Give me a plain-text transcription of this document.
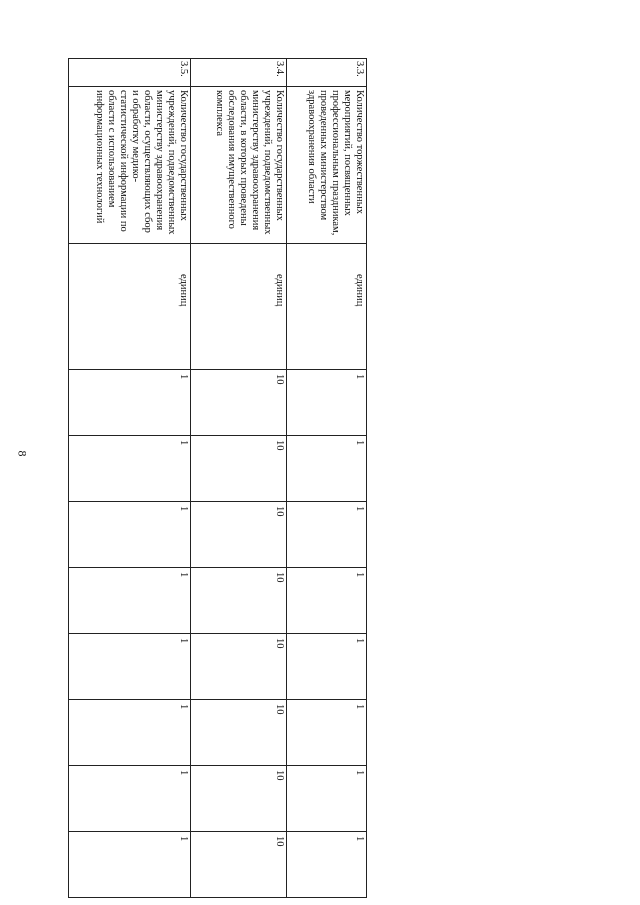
8
3.3.	Количество торжественных мероприятий, посвященных профессиональным праздникам, проведенных министерством здравоохранения области	единиц	1	1	1	1	1	1	1	1
3.4.	Количество государственных учреждений, подведомственных министерству здравоохранения области, в которых проведены обследования имущественного комплекса	единиц	10	10	10	10	10	10	10	10
3.5.	Количество государственных учреждений, подведомственных министерству здравоохранения области, осуществляющих сбор и обработку медико-статистической информации по области с использованием информационных технологий	единиц	1	1	1	1	1	1	1	1
